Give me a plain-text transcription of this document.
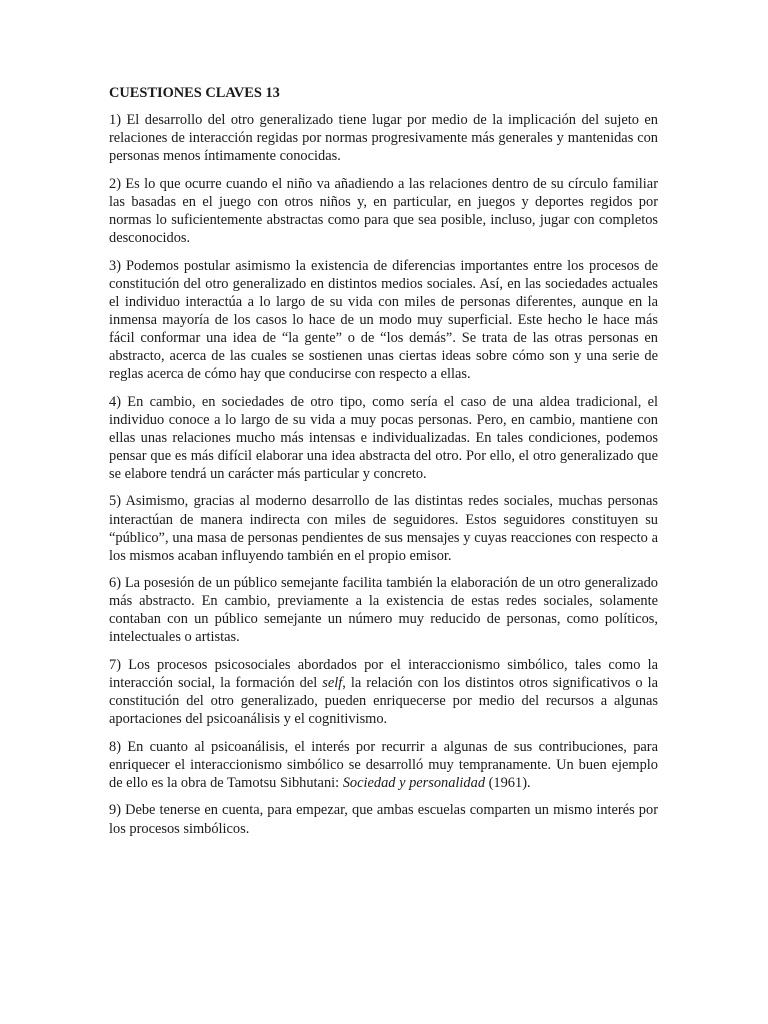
CUESTIONES CLAVES 13

1) El desarrollo del otro generalizado tiene lugar por medio de la implicación del sujeto en relaciones de interacción regidas por normas progresivamente más generales y mantenidas con personas menos íntimamente conocidas.

2) Es lo que ocurre cuando el niño va añadiendo a las relaciones dentro de su círculo familiar las basadas en el juego con otros niños y, en particular, en juegos y deportes regidos por normas lo suficientemente abstractas como para que sea posible, incluso, jugar con completos desconocidos.

3) Podemos postular asimismo la existencia de diferencias importantes entre los procesos de constitución del otro generalizado en distintos medios sociales. Así, en las sociedades actuales el individuo interactúa a lo largo de su vida con miles de personas diferentes, aunque en la inmensa mayoría de los casos lo hace de un modo muy superficial. Este hecho le hace más fácil conformar una idea de “la gente” o de “los demás”. Se trata de las otras personas en abstracto, acerca de las cuales se sostienen unas ciertas ideas sobre cómo son y una serie de reglas acerca de cómo hay que conducirse con respecto a ellas.

4) En cambio, en sociedades de otro tipo, como sería el caso de una aldea tradicional, el individuo conoce a lo largo de su vida a muy pocas personas. Pero, en cambio, mantiene con ellas unas relaciones mucho más intensas e individualizadas. En tales condiciones, podemos pensar que es más difícil elaborar una idea abstracta del otro. Por ello, el otro generalizado que se elabore tendrá un carácter más particular y concreto.

5) Asimismo, gracias al moderno desarrollo de las distintas redes sociales, muchas personas interactúan de manera indirecta con miles de seguidores. Estos seguidores constituyen su “público”, una masa de personas pendientes de sus mensajes y cuyas reacciones con respecto a los mismos acaban influyendo también en el propio emisor.

6) La posesión de un público semejante facilita también la elaboración de un otro generalizado más abstracto. En cambio, previamente a la existencia de estas redes sociales, solamente contaban con un público semejante un número muy reducido de personas, como políticos, intelectuales o artistas.

7) Los procesos psicosociales abordados por el interaccionismo simbólico, tales como la interacción social, la formación del self, la relación con los distintos otros significativos o la constitución del otro generalizado, pueden enriquecerse por medio del recursos a algunas aportaciones del psicoanálisis y el cognitivismo.

8) En cuanto al psicoanálisis, el interés por recurrir a algunas de sus contribuciones, para enriquecer el interaccionismo simbólico se desarrolló muy tempranamente. Un buen ejemplo de ello es la obra de Tamotsu Sibhutani: Sociedad y personalidad (1961).

9) Debe tenerse en cuenta, para empezar, que ambas escuelas comparten un mismo interés por los procesos simbólicos.
